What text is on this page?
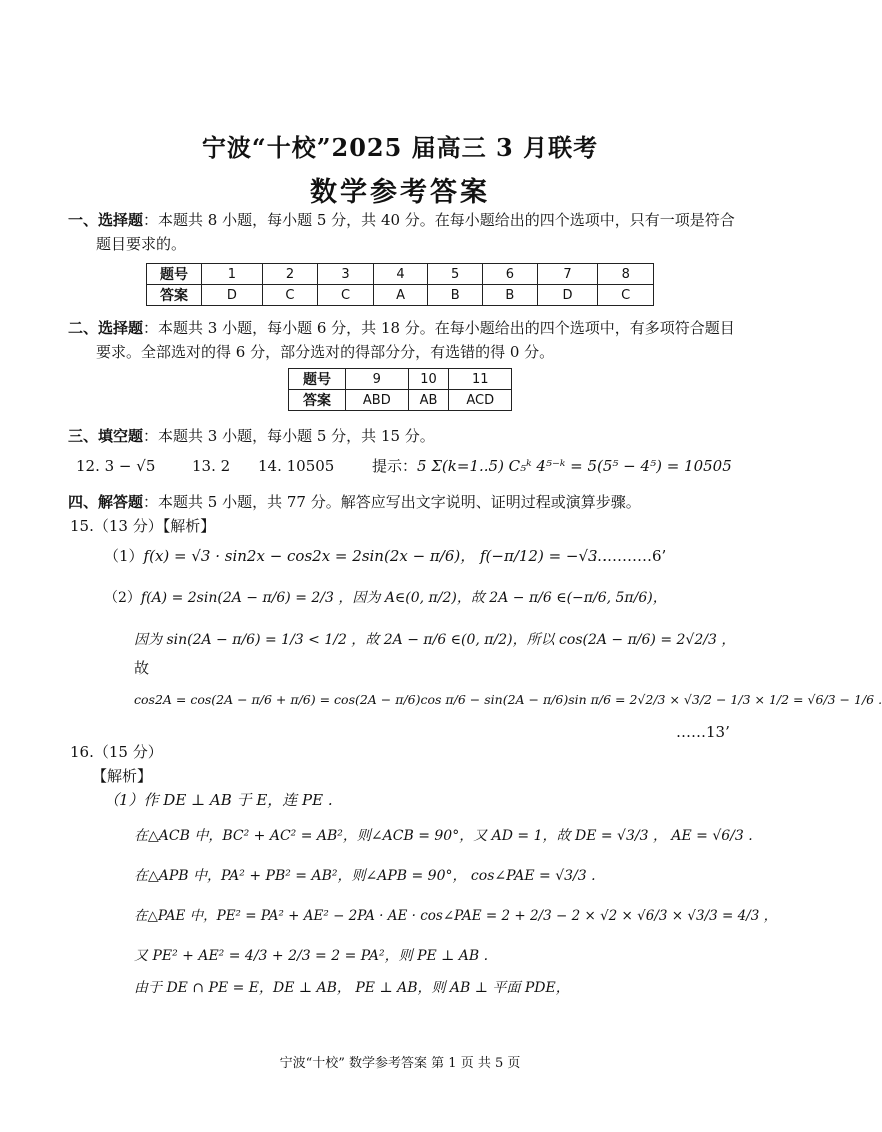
宁波“十校”2025 届高三 3 月联考
数学参考答案
一、选择题：本题共 8 小题，每小题 5 分，共 40 分。在每小题给出的四个选项中，只有一项是符合
题目要求的。
题号	1	2	3	4	5	6	7	8
答案	D	C	C	A	B	B	D	C
二、选择题：本题共 3 小题，每小题 6 分，共 18 分。在每小题给出的四个选项中，有多项符合题目
要求。全部选对的得 6 分，部分选对的得部分分，有选错的得 0 分。
题号	9	10	11
答案	ABD	AB	ACD
三、填空题：本题共 3 小题，每小题 5 分，共 15 分。
12. 3 − √5 13. 2 14. 10505	提示：5 Σ(k=1..5) C₅ᵏ 4⁵⁻ᵏ = 5(5⁵ − 4⁵) = 10505
四、解答题：本题共 5 小题，共 77 分。解答应写出文字说明、证明过程或演算步骤。
15.（13 分）【解析】
（1）f(x) = √3 · sin2x − cos2x = 2sin(2x − π/6)， f(−π/12) = −√3 .
…………6’
（2）f(A) = 2sin(2A − π/6) = 2/3 ，因为 A∈(0, π/2)，故 2A − π/6 ∈(−π/6, 5π/6)，
因为 sin(2A − π/6) = 1/3 < 1/2 ，故 2A − π/6 ∈(0, π/2)，所以 cos(2A − π/6) = 2√2/3 ，
故
cos2A = cos(2A − π/6 + π/6) = cos(2A − π/6)cos π/6 − sin(2A − π/6)sin π/6 = 2√2/3 × √3/2 − 1/3 × 1/2 = √6/3 − 1/6 .
……13’
16.（15 分）
【解析】
（1）作 DE ⊥ AB 于 E，连 PE .
在△ACB 中，BC² + AC² = AB²，则∠ACB = 90°，又 AD = 1，故 DE = √3/3 ， AE = √6/3 .
在△APB 中，PA² + PB² = AB²，则∠APB = 90°， cos∠PAE = √3/3 .
在△PAE 中，PE² = PA² + AE² − 2PA · AE · cos∠PAE = 2 + 2/3 − 2 × √2 × √6/3 × √3/3 = 4/3 ，
又 PE² + AE² = 4/3 + 2/3 = 2 = PA²，则 PE ⊥ AB .
由于 DE ∩ PE = E，DE ⊥ AB， PE ⊥ AB，则 AB ⊥ 平面 PDE，
宁波“十校” 数学参考答案 第 1 页 共 5 页
